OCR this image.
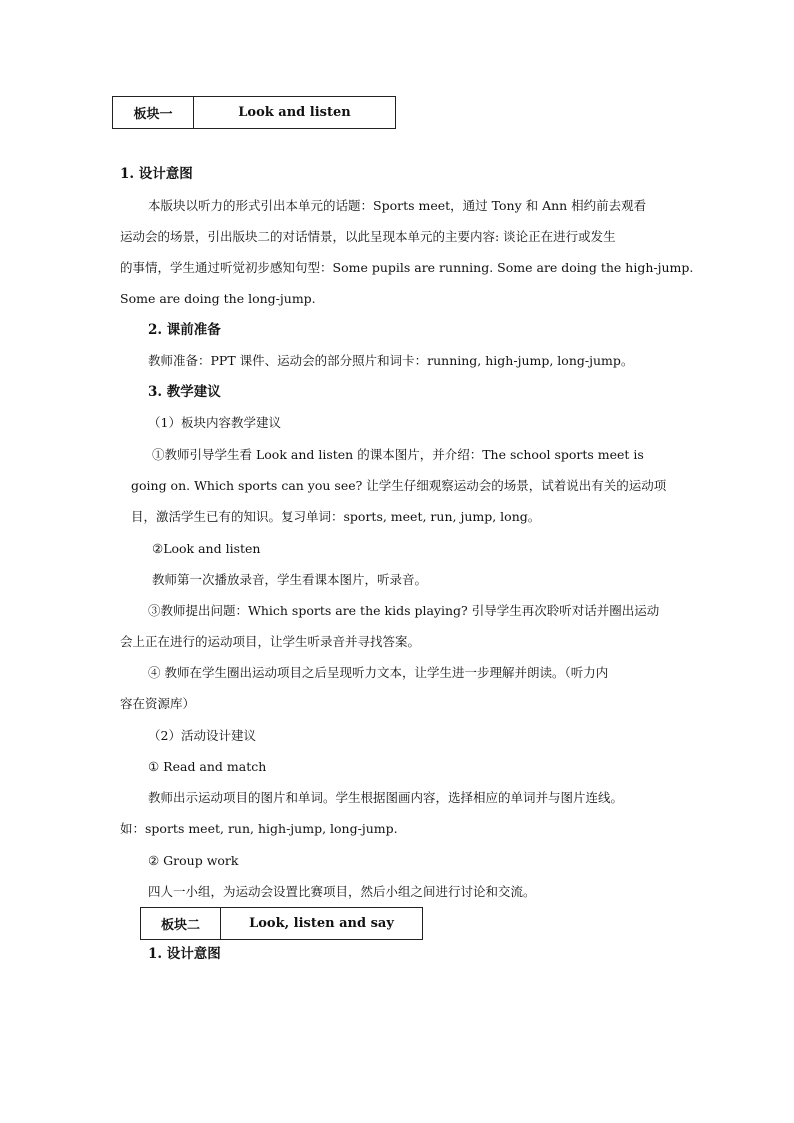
板块一	Look and listen
1. 设计意图
本版块以听力的形式引出本单元的话题：Sports meet，通过 Tony 和 Ann 相约前去观看
运动会的场景，引出版块二的对话情景，以此呈现本单元的主要内容: 谈论正在进行或发生
的事情，学生通过听觉初步感知句型：Some pupils are running. Some are doing the high-jump.
Some are doing the long-jump.
2. 课前准备
教师准备：PPT 课件、运动会的部分照片和词卡：running, high-jump, long-jump。
3. 教学建议
（1）板块内容教学建议
①教师引导学生看 Look and listen 的课本图片，并介绍：The school sports meet is
going on. Which sports can you see? 让学生仔细观察运动会的场景，试着说出有关的运动项
目，激活学生已有的知识。复习单词：sports, meet, run, jump, long。
②Look and listen
教师第一次播放录音，学生看课本图片，听录音。
③教师提出问题：Which sports are the kids playing? 引导学生再次聆听对话并圈出运动
会上正在进行的运动项目，让学生听录音并寻找答案。
④ 教师在学生圈出运动项目之后呈现听力文本，让学生进一步理解并朗读。（听力内
容在资源库）
（2）活动设计建议
① Read and match
教师出示运动项目的图片和单词。学生根据图画内容，选择相应的单词并与图片连线。
如：sports meet, run, high-jump, long-jump.
② Group work
四人一小组，为运动会设置比赛项目，然后小组之间进行讨论和交流。
板块二	Look, listen and say
1. 设计意图
